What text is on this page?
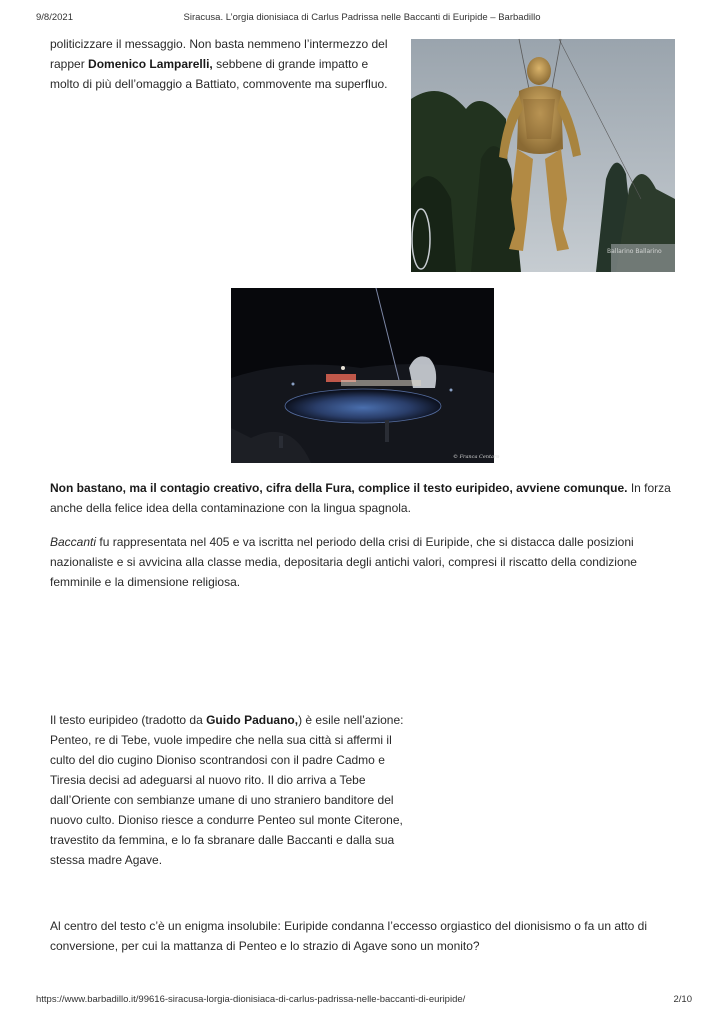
9/8/2021	Siracusa. L’orgia dionisiaca di Carlus Padrissa nelle Baccanti di Euripide – Barbadillo

politicizzare il messaggio. Non basta nemmeno l’intermezzo del rapper Domenico Lamparelli, sebbene di grande impatto e molto di più dell’omaggio a Battiato, commovente ma superfluo.

Ballarino Ballarino
© Franca Centaro

Non bastano, ma il contagio creativo, cifra della Fura, complice il testo euripideo, avviene comunque. In forza anche della felice idea della contaminazione con la lingua spagnola.

Baccanti fu rappresentata nel 405 e va iscritta nel periodo della crisi di Euripide, che si distacca dalle posizioni nazionaliste e si avvicina alla classe media, depositaria degli antichi valori, compresi il riscatto della condizione femminile e la dimensione religiosa.

Il testo euripideo (tradotto da Guido Paduano,) è esile nell’azione: Penteo, re di Tebe, vuole impedire che nella sua città si affermi il culto del dio cugino Dioniso scontrandosi con il padre Cadmo e Tiresia decisi ad adeguarsi al nuovo rito. Il dio arriva a Tebe dall’Oriente con sembianze umane di uno straniero banditore del nuovo culto. Dioniso riesce a condurre Penteo sul monte Citerone, travestito da femmina, e lo fa sbranare dalle Baccanti e dalla sua stessa madre Agave.

Al centro del testo c’è un enigma insolubile: Euripide condanna l’eccesso orgiastico del dionisismo o fa un atto di conversione, per cui la mattanza di Penteo e lo strazio di Agave sono un monito?

https://www.barbadillo.it/99616-siracusa-lorgia-dionisiaca-di-carlus-padrissa-nelle-baccanti-di-euripide/	2/10
